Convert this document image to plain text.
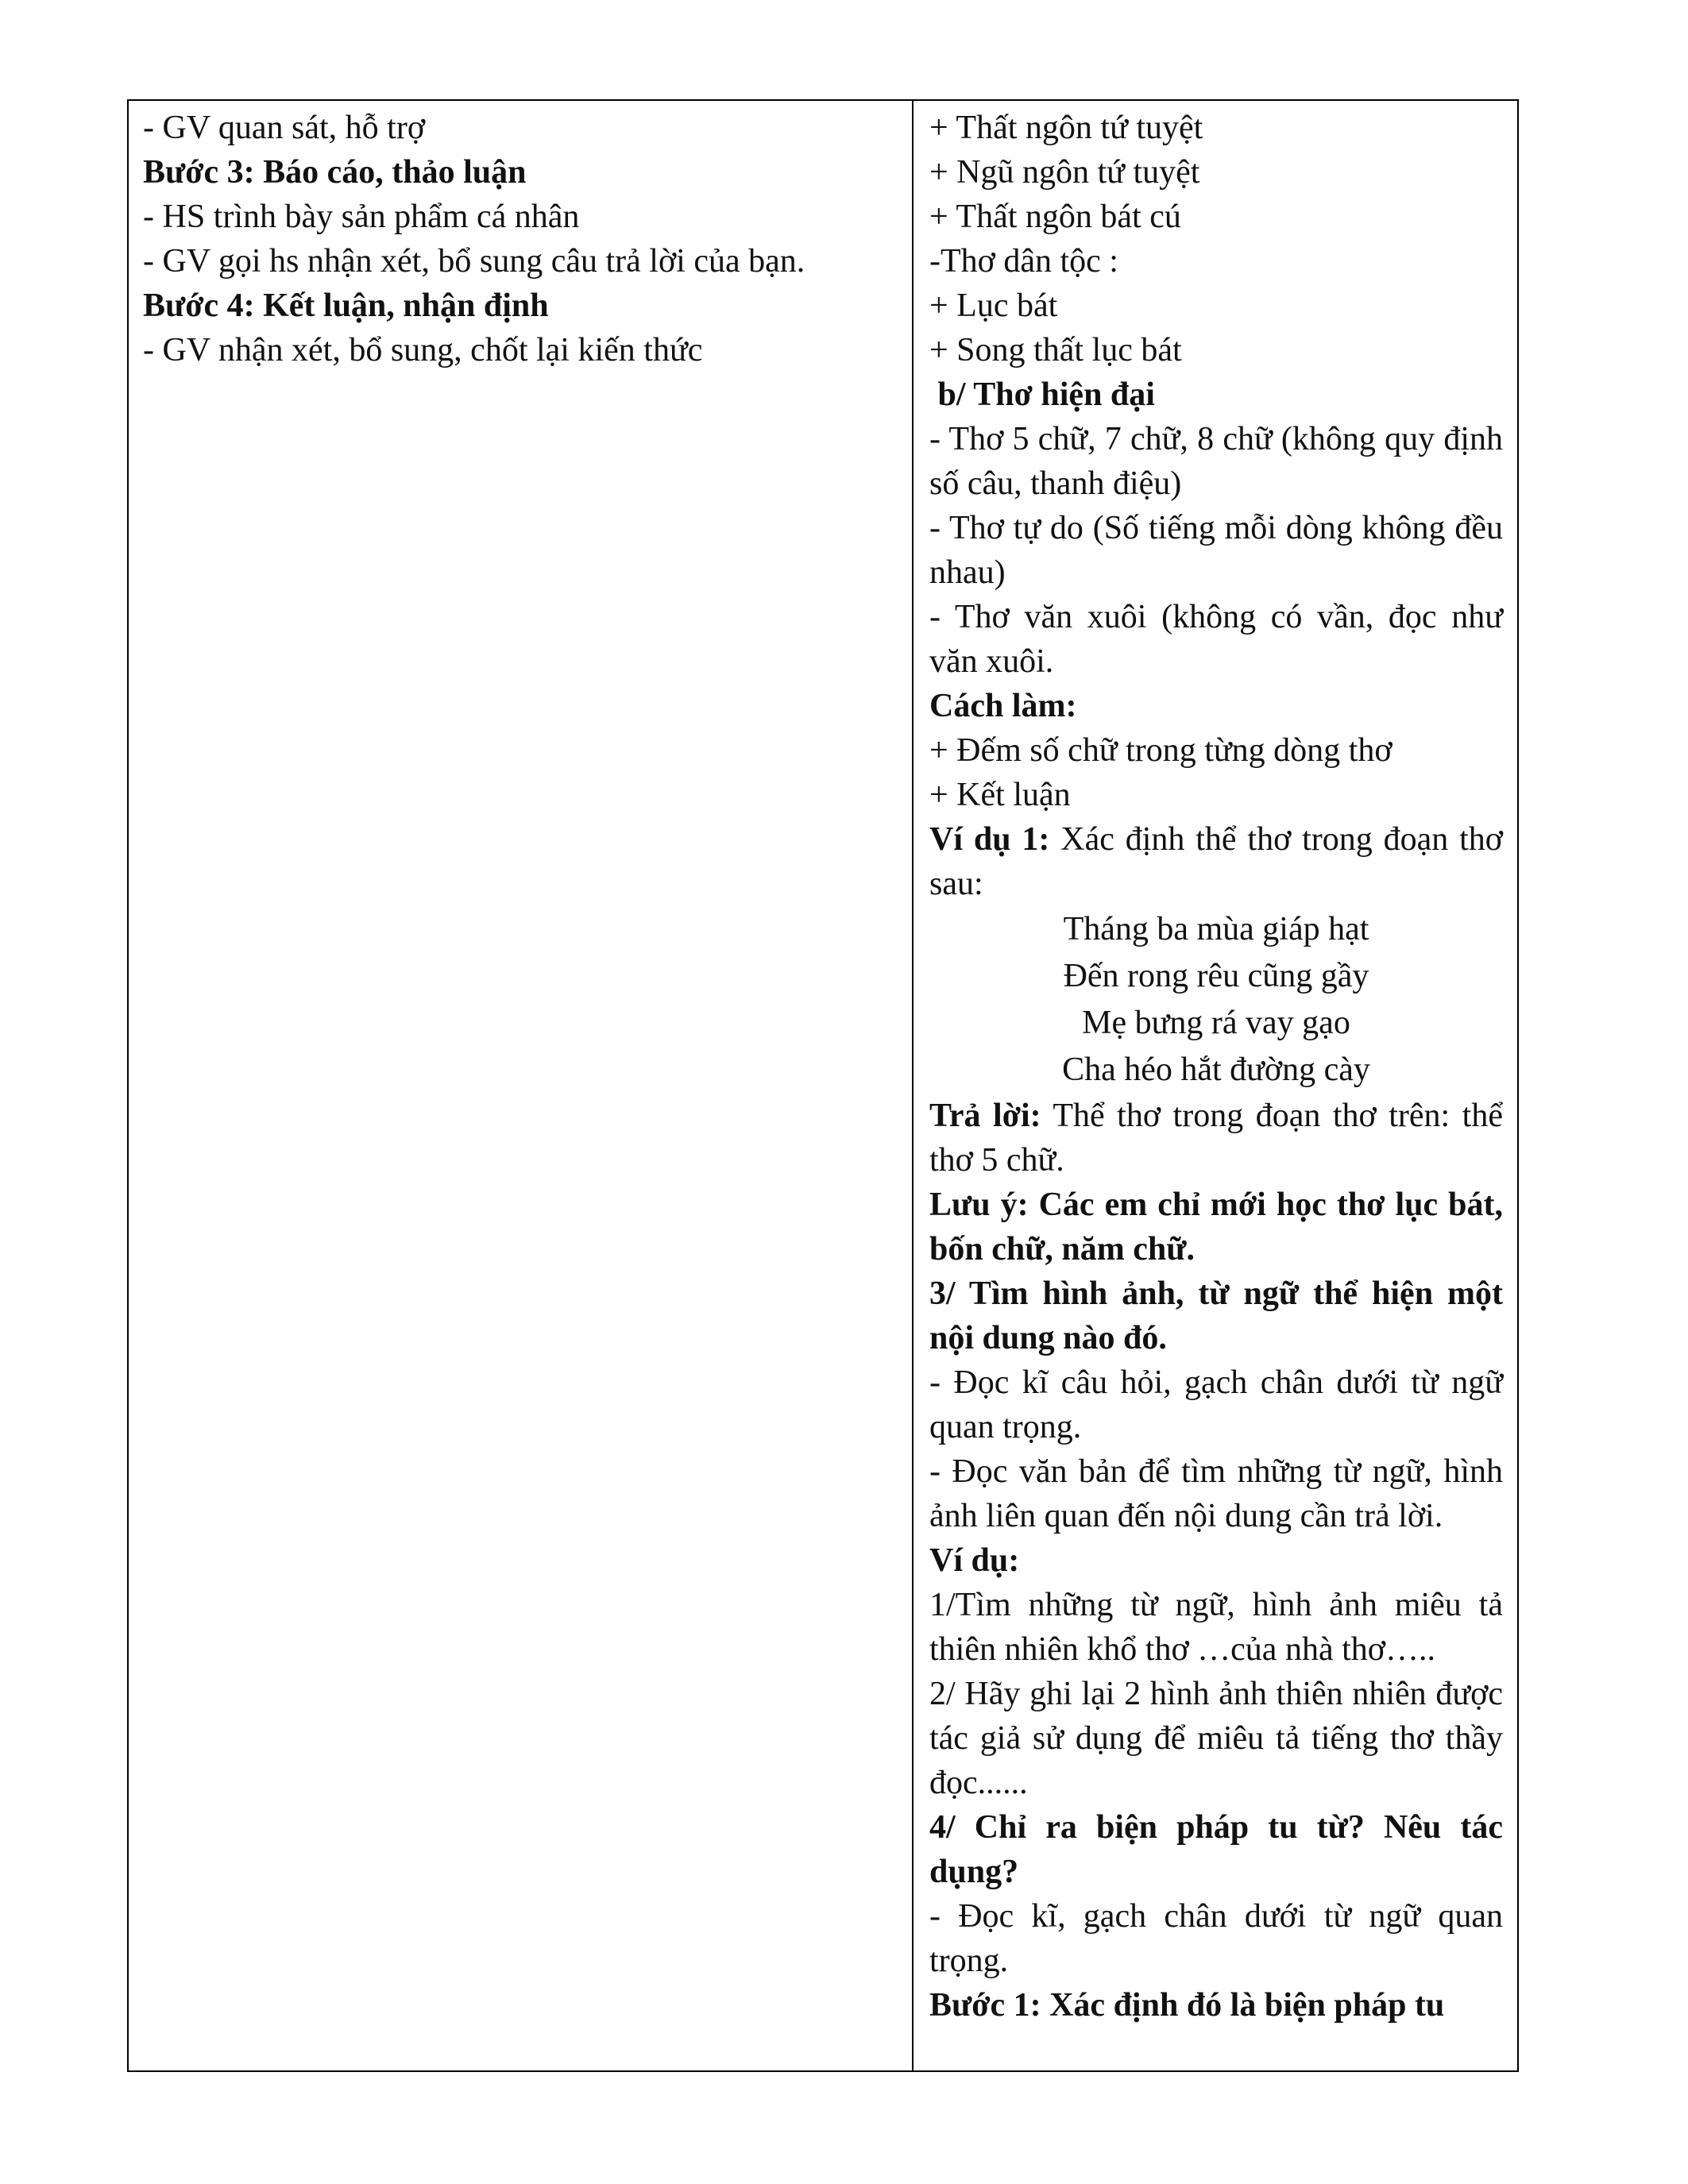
- GV quan sát, hỗ trợ

Bước 3: Báo cáo, thảo luận

- HS trình bày sản phẩm cá nhân

- GV gọi hs nhận xét, bổ sung câu trả lời của bạn.

Bước 4: Kết luận, nhận định

- GV nhận xét, bổ sung, chốt lại kiến thức

+ Thất ngôn tứ tuyệt

+ Ngũ ngôn tứ tuyệt

+ Thất ngôn bát cú

-Thơ dân tộc :

+ Lục bát

+ Song thất lục bát

b/ Thơ hiện đại

- Thơ 5 chữ, 7 chữ, 8 chữ (không quy định số câu, thanh điệu)

- Thơ tự do (Số tiếng mỗi dòng không đều nhau)

- Thơ văn xuôi (không có vần, đọc như văn xuôi.

Cách làm:

+ Đếm số chữ trong từng dòng thơ

+ Kết luận

Ví dụ 1: Xác định thể thơ trong đoạn thơ sau:

Tháng ba mùa giáp hạt
Đến rong rêu cũng gầy
Mẹ bưng rá vay gạo
Cha héo hắt đường cày

Trả lời: Thể thơ trong đoạn thơ trên: thể thơ 5 chữ.

Lưu ý: Các em chỉ mới học thơ lục bát, bốn chữ, năm chữ.

3/ Tìm hình ảnh, từ ngữ thể hiện một nội dung nào đó.

- Đọc kĩ câu hỏi, gạch chân dưới từ ngữ quan trọng.

- Đọc văn bản để tìm những từ ngữ, hình ảnh liên quan đến nội dung cần trả lời.

Ví dụ:

1/Tìm những từ ngữ, hình ảnh miêu tả thiên nhiên khổ thơ …của nhà thơ…..

2/ Hãy ghi lại 2 hình ảnh thiên nhiên được tác giả sử dụng để miêu tả tiếng thơ thầy đọc......

4/ Chỉ ra biện pháp tu từ? Nêu tác dụng?

- Đọc kĩ, gạch chân dưới từ ngữ quan trọng.

Bước 1: Xác định đó là biện pháp tu
